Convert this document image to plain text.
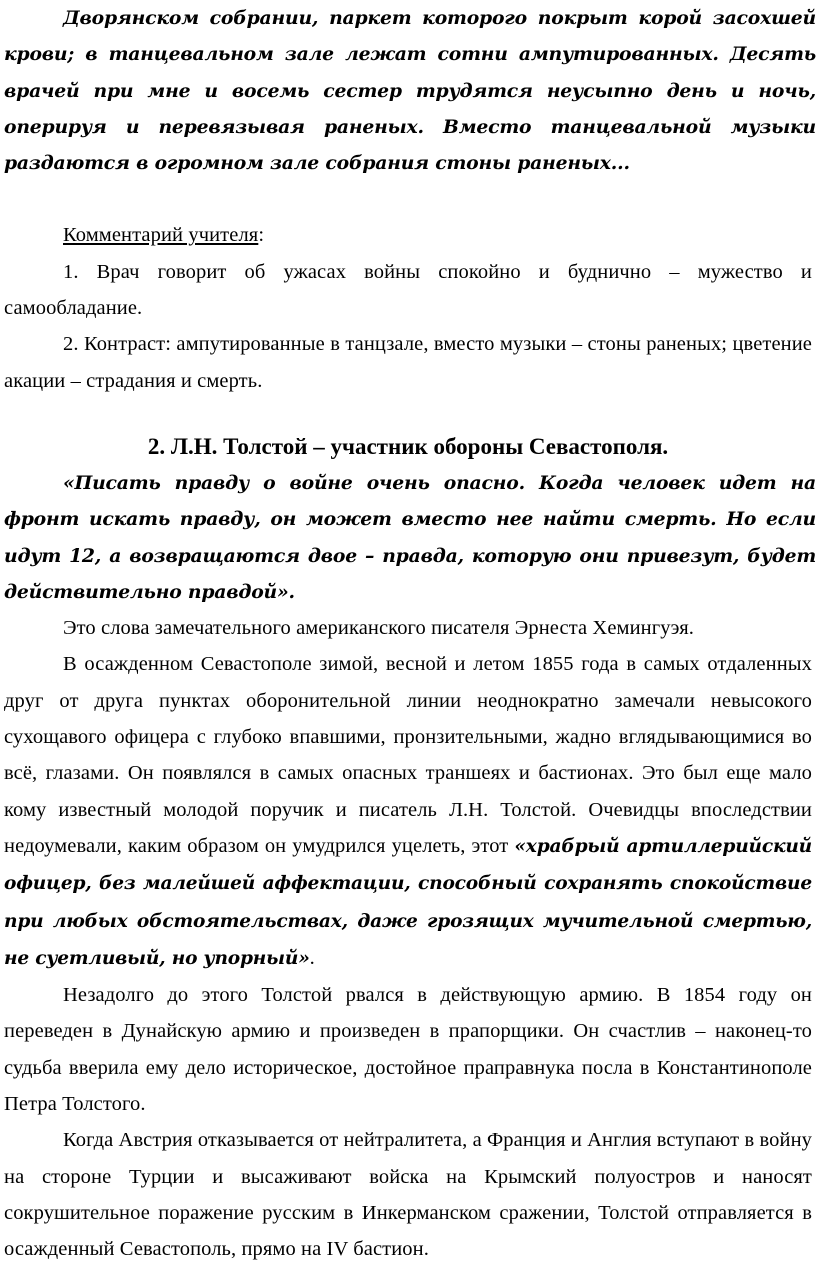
Дворянском собрании, паркет которого покрыт корой засохшей крови; в танцевальном зале лежат сотни ампутированных. Десять врачей при мне и восемь сестер трудятся неусыпно день и ночь, оперируя и перевязывая раненых. Вместо танцевальной музыки раздаются в огромном зале собрания стоны раненых...

Комментарий учителя:

1. Врач говорит об ужасах войны спокойно и буднично – мужество и самообладание.

2. Контраст: ампутированные в танцзале, вместо музыки – стоны раненых; цветение акации – страдания и смерть.

2. Л.Н. Толстой – участник обороны Севастополя.

«Писать правду о войне очень опасно. Когда человек идет на фронт искать правду, он может вместо нее найти смерть. Но если идут 12, а возвращаются двое – правда, которую они привезут, будет действительно правдой».

Это слова замечательного американского писателя Эрнеста Хемингуэя.

В осажденном Севастополе зимой, весной и летом 1855 года в самых отдаленных друг от друга пунктах оборонительной линии неоднократно замечали невысокого сухощавого офицера с глубоко впавшими, пронзительными, жадно вглядывающимися во всё, глазами. Он появлялся в самых опасных траншеях и бастионах. Это был еще мало кому известный молодой поручик и писатель Л.Н. Толстой. Очевидцы впоследствии недоумевали, каким образом он умудрился уцелеть, этот «храбрый артиллерийский офицер, без малейшей аффектации, способный сохранять спокойствие при любых обстоятельствах, даже грозящих мучительной смертью, не суетливый, но упорный».

Незадолго до этого Толстой рвался в действующую армию. В 1854 году он переведен в Дунайскую армию и произведен в прапорщики. Он счастлив – наконец-то судьба вверила ему дело историческое, достойное праправнука посла в Константинополе Петра Толстого.

Когда Австрия отказывается от нейтралитета, а Франция и Англия вступают в войну на стороне Турции и высаживают войска на Крымский полуостров и наносят сокрушительное поражение русским в Инкерманском сражении, Толстой отправляется в осажденный Севастополь, прямо на IV бастион.
